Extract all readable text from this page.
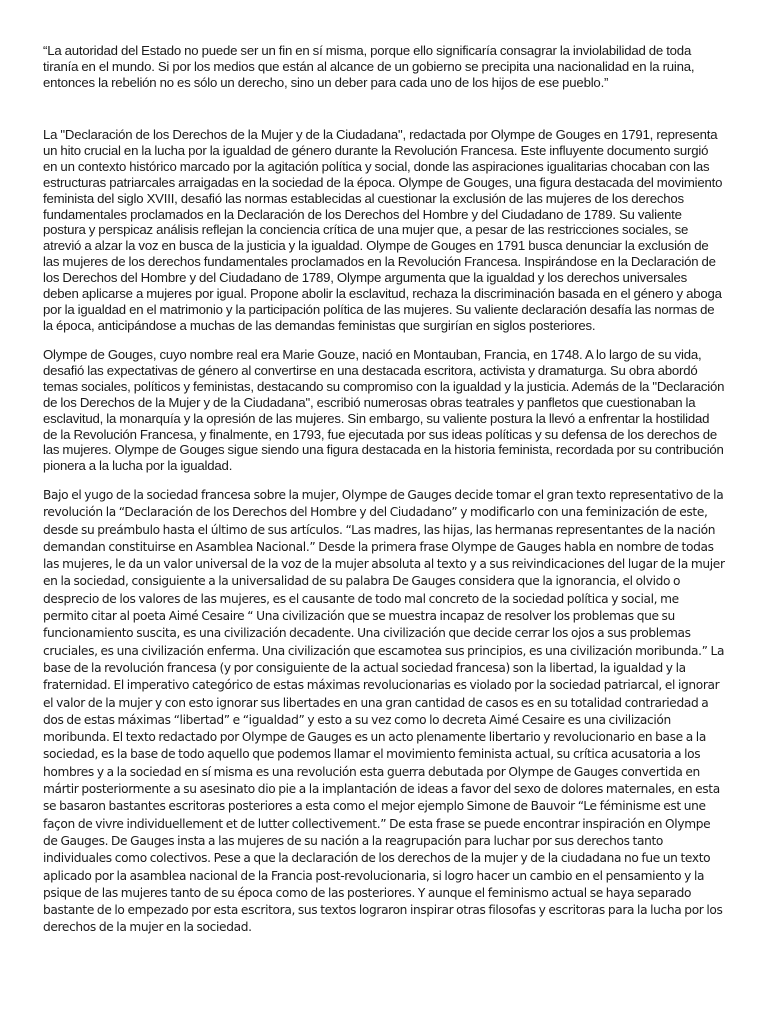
“La autoridad del Estado no puede ser un fin en sí misma, porque ello significaría consagrar la inviolabilidad de toda tiranía en el mundo. Si por los medios que están al alcance de un gobierno se precipita una nacionalidad en la ruina, entonces la rebelión no es sólo un derecho, sino un deber para cada uno de los hijos de ese pueblo.”

La "Declaración de los Derechos de la Mujer y de la Ciudadana", redactada por Olympe de Gouges en 1791, representa un hito crucial en la lucha por la igualdad de género durante la Revolución Francesa. Este influyente documento surgió en un contexto histórico marcado por la agitación política y social, donde las aspiraciones igualitarias chocaban con las estructuras patriarcales arraigadas en la sociedad de la época. Olympe de Gouges, una figura destacada del movimiento feminista del siglo XVIII, desafió las normas establecidas al cuestionar la exclusión de las mujeres de los derechos fundamentales proclamados en la Declaración de los Derechos del Hombre y del Ciudadano de 1789. Su valiente postura y perspicaz análisis reflejan la conciencia crítica de una mujer que, a pesar de las restricciones sociales, se atrevió a alzar la voz en busca de la justicia y la igualdad. Olympe de Gouges en 1791 busca denunciar la exclusión de las mujeres de los derechos fundamentales proclamados en la Revolución Francesa. Inspirándose en la Declaración de los Derechos del Hombre y del Ciudadano de 1789, Olympe argumenta que la igualdad y los derechos universales deben aplicarse a mujeres por igual. Propone abolir la esclavitud, rechaza la discriminación basada en el género y aboga por la igualdad en el matrimonio y la participación política de las mujeres. Su valiente declaración desafía las normas de la época, anticipándose a muchas de las demandas feministas que surgirían en siglos posteriores.

Olympe de Gouges, cuyo nombre real era Marie Gouze, nació en Montauban, Francia, en 1748. A lo largo de su vida, desafió las expectativas de género al convertirse en una destacada escritora, activista y dramaturga. Su obra abordó temas sociales, políticos y feministas, destacando su compromiso con la igualdad y la justicia. Además de la "Declaración de los Derechos de la Mujer y de la Ciudadana", escribió numerosas obras teatrales y panfletos que cuestionaban la esclavitud, la monarquía y la opresión de las mujeres. Sin embargo, su valiente postura la llevó a enfrentar la hostilidad de la Revolución Francesa, y finalmente, en 1793, fue ejecutada por sus ideas políticas y su defensa de los derechos de las mujeres. Olympe de Gouges sigue siendo una figura destacada en la historia feminista, recordada por su contribución pionera a la lucha por la igualdad.

Bajo el yugo de la sociedad francesa sobre la mujer, Olympe de Gauges decide tomar el gran texto representativo de la revolución la “Declaración de los Derechos del Hombre y del Ciudadano” y modificarlo con una feminización de este, desde su preámbulo hasta el último de sus artículos. “Las madres, las hijas, las hermanas representantes de la nación demandan constituirse en Asamblea Nacional.” Desde la primera frase Olympe de Gauges habla en nombre de todas las mujeres, le da un valor universal de la voz de la mujer absoluta al texto y a sus reivindicaciones del lugar de la mujer en la sociedad, consiguiente a la universalidad de su palabra De Gauges considera que la ignorancia, el olvido o desprecio de los valores de las mujeres, es el causante de todo mal concreto de la sociedad política y social, me permito citar al poeta Aimé Cesaire “ Una civilización que se muestra incapaz de resolver los problemas que su funcionamiento suscita, es una civilización decadente. Una civilización que decide cerrar los ojos a sus problemas cruciales, es una civilización enferma. Una civilización que escamotea sus principios, es una civilización moribunda.” La base de la revolución francesa (y por consiguiente de la actual sociedad francesa) son la libertad, la igualdad y la fraternidad. El imperativo categórico de estas máximas revolucionarias es violado por la sociedad patriarcal, el ignorar el valor de la mujer y con esto ignorar sus libertades en una gran cantidad de casos es en su totalidad contrariedad a dos de estas máximas “libertad” e “igualdad” y esto a su vez como lo decreta Aimé Cesaire es una civilización moribunda. El texto redactado por Olympe de Gauges es un acto plenamente libertario y revolucionario en base a la sociedad, es la base de todo aquello que podemos llamar el movimiento feminista actual, su crítica acusatoria a los hombres y a la sociedad en sí misma es una revolución esta guerra debutada por Olympe de Gauges convertida en mártir posteriormente a su asesinato dio pie a la implantación de ideas a favor del sexo de dolores maternales, en esta se basaron bastantes escritoras posteriores a esta como el mejor ejemplo Simone de Bauvoir “Le féminisme est une façon de vivre individuellement et de lutter collectivement.” De esta frase se puede encontrar inspiración en Olympe de Gauges. De Gauges insta a las mujeres de su nación a la reagrupación para luchar por sus derechos tanto individuales como colectivos. Pese a que la declaración de los derechos de la mujer y de la ciudadana no fue un texto aplicado por la asamblea nacional de la Francia post-revolucionaria, si logro hacer un cambio en el pensamiento y la psique de las mujeres tanto de su época como de las posteriores. Y aunque el feminismo actual se haya separado bastante de lo empezado por esta escritora, sus textos lograron inspirar otras filosofas y escritoras para la lucha por los derechos de la mujer en la sociedad.
